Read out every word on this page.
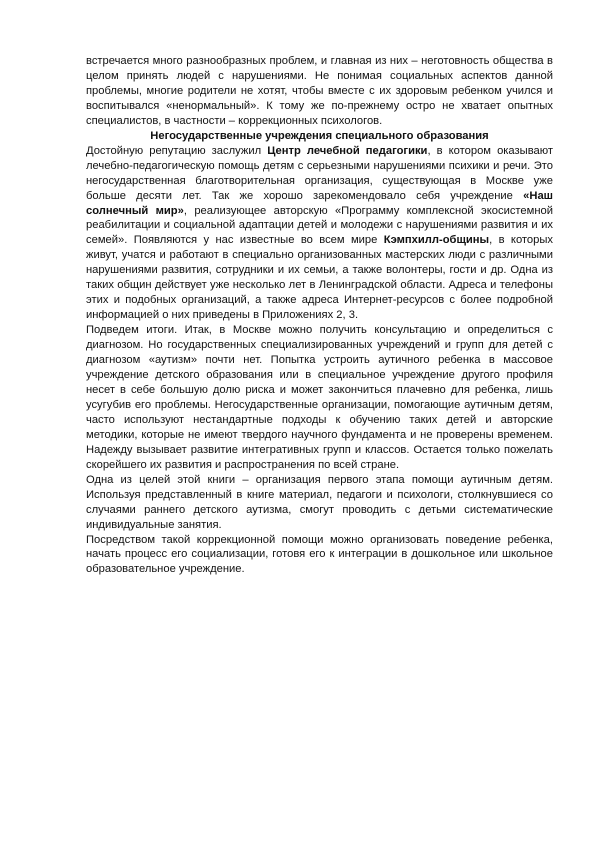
встречается много разнообразных проблем, и главная из них – неготовность общества в целом принять людей с нарушениями. Не понимая социальных аспектов данной проблемы, многие родители не хотят, чтобы вместе с их здоровым ребенком учился и воспитывался «ненормальный». К тому же по-прежнему остро не хватает опытных специалистов, в частности – коррекционных психологов.

Негосударственные учреждения специального образования

Достойную репутацию заслужил Центр лечебной педагогики, в котором оказывают лечебно-педагогическую помощь детям с серьезными нарушениями психики и речи. Это негосударственная благотворительная организация, существующая в Москве уже больше десяти лет. Так же хорошо зарекомендовало себя учреждение «Наш солнечный мир», реализующее авторскую «Программу комплексной экосистемной реабилитации и социальной адаптации детей и молодежи с нарушениями развития и их семей». Появляются у нас известные во всем мире Кэмпхилл-общины, в которых живут, учатся и работают в специально организованных мастерских люди с различными нарушениями развития, сотрудники и их семьи, а также волонтеры, гости и др. Одна из таких общин действует уже несколько лет в Ленинградской области. Адреса и телефоны этих и подобных организаций, а также адреса Интернет-ресурсов с более подробной информацией о них приведены в Приложениях 2, 3.

Подведем итоги. Итак, в Москве можно получить консультацию и определиться с диагнозом. Но государственных специализированных учреждений и групп для детей с диагнозом «аутизм» почти нет. Попытка устроить аутичного ребенка в массовое учреждение детского образования или в специальное учреждение другого профиля несет в себе большую долю риска и может закончиться плачевно для ребенка, лишь усугубив его проблемы. Негосударственные организации, помогающие аутичным детям, часто используют нестандартные подходы к обучению таких детей и авторские методики, которые не имеют твердого научного фундамента и не проверены временем. Надежду вызывает развитие интегративных групп и классов. Остается только пожелать скорейшего их развития и распространения по всей стране.

Одна из целей этой книги – организация первого этапа помощи аутичным детям. Используя представленный в книге материал, педагоги и психологи, столкнувшиеся со случаями раннего детского аутизма, смогут проводить с детьми систематические индивидуальные занятия.

Посредством такой коррекционной помощи можно организовать поведение ребенка, начать процесс его социализации, готовя его к интеграции в дошкольное или школьное образовательное учреждение.
